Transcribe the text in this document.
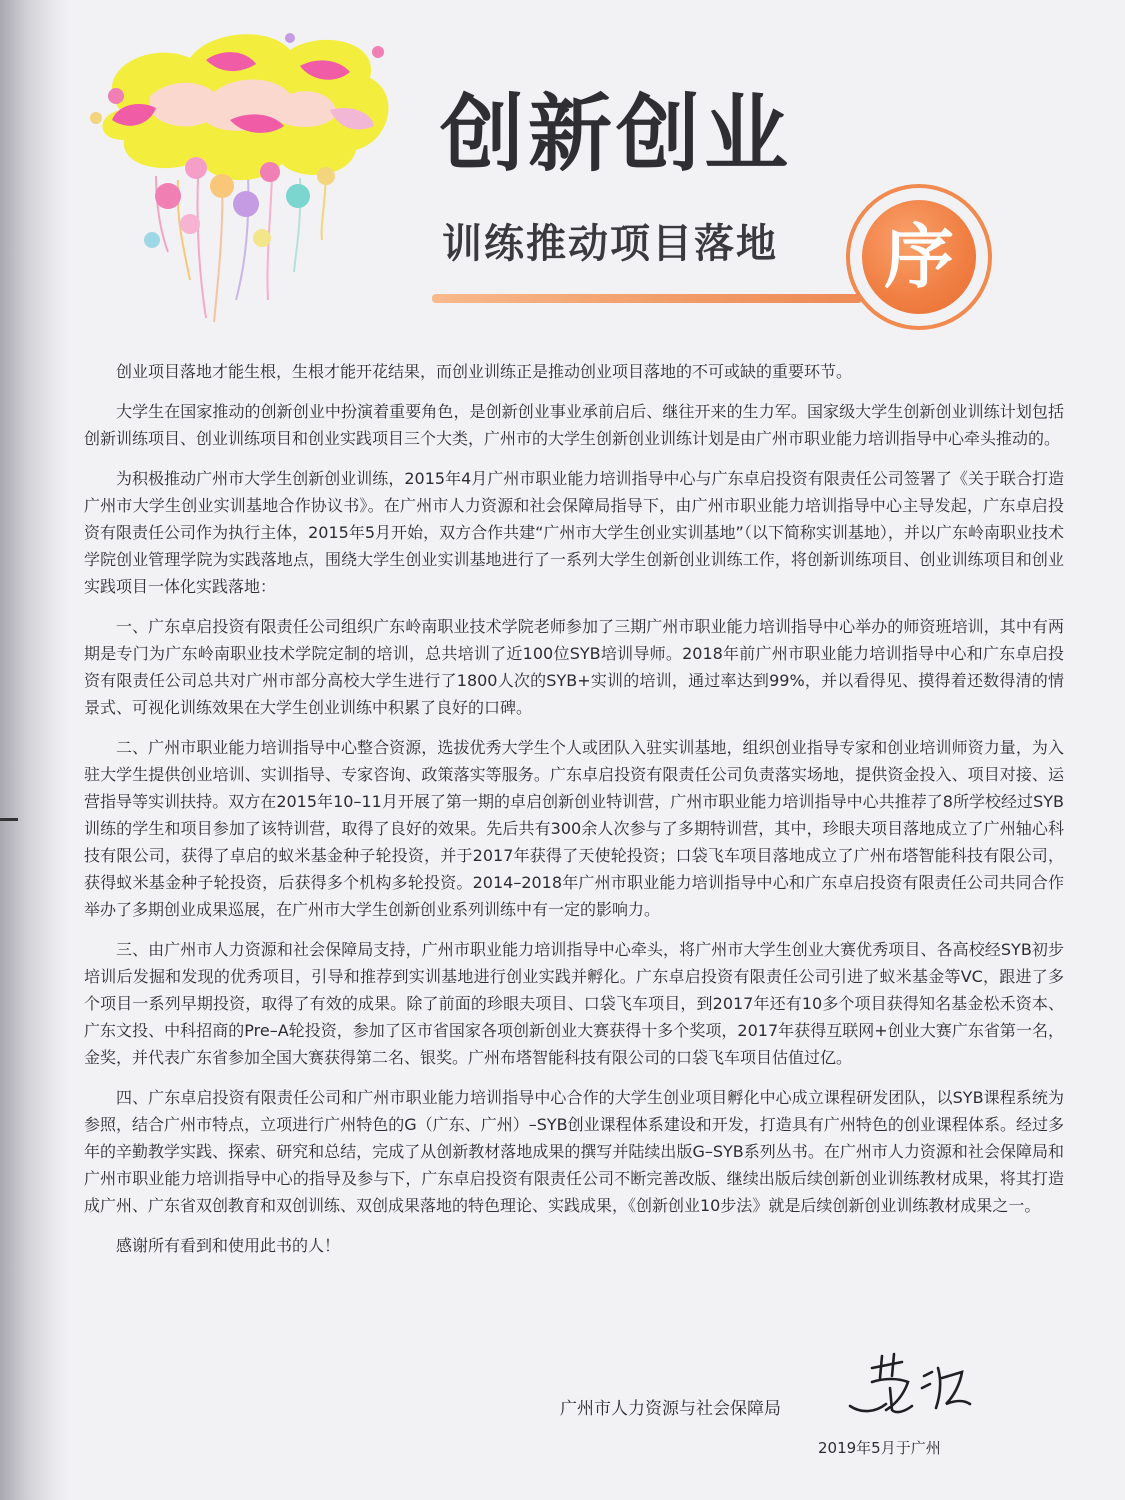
创新创业
训练推动项目落地	序

创业项目落地才能生根，生根才能开花结果，而创业训练正是推动创业项目落地的不可或缺的重要环节。

大学生在国家推动的创新创业中扮演着重要角色，是创新创业事业承前启后、继往开来的生力军。国家级大学生创新创业训练计划包括创新训练项目、创业训练项目和创业实践项目三个大类，广州市的大学生创新创业训练计划是由广州市职业能力培训指导中心牵头推动的。

为积极推动广州市大学生创新创业训练，2015年4月广州市职业能力培训指导中心与广东卓启投资有限责任公司签署了《关于联合打造广州市大学生创业实训基地合作协议书》。在广州市人力资源和社会保障局指导下，由广州市职业能力培训指导中心主导发起，广东卓启投资有限责任公司作为执行主体，2015年5月开始，双方合作共建“广州市大学生创业实训基地”（以下简称实训基地），并以广东岭南职业技术学院创业管理学院为实践落地点，围绕大学生创业实训基地进行了一系列大学生创新创业训练工作，将创新训练项目、创业训练项目和创业实践项目一体化实践落地：

一、广东卓启投资有限责任公司组织广东岭南职业技术学院老师参加了三期广州市职业能力培训指导中心举办的师资班培训，其中有两期是专门为广东岭南职业技术学院定制的培训，总共培训了近100位SYB培训导师。2018年前广州市职业能力培训指导中心和广东卓启投资有限责任公司总共对广州市部分高校大学生进行了1800人次的SYB+实训的培训，通过率达到99%，并以看得见、摸得着还数得清的情景式、可视化训练效果在大学生创业训练中积累了良好的口碑。

二、广州市职业能力培训指导中心整合资源，选拔优秀大学生个人或团队入驻实训基地，组织创业指导专家和创业培训师资力量，为入驻大学生提供创业培训、实训指导、专家咨询、政策落实等服务。广东卓启投资有限责任公司负责落实场地，提供资金投入、项目对接、运营指导等实训扶持。双方在2015年10–11月开展了第一期的卓启创新创业特训营，广州市职业能力培训指导中心共推荐了8所学校经过SYB训练的学生和项目参加了该特训营，取得了良好的效果。先后共有300余人次参与了多期特训营，其中，珍眼夫项目落地成立了广州轴心科技有限公司，获得了卓启的蚁米基金种子轮投资，并于2017年获得了天使轮投资；口袋飞车项目落地成立了广州布塔智能科技有限公司，获得蚁米基金种子轮投资，后获得多个机构多轮投资。2014–2018年广州市职业能力培训指导中心和广东卓启投资有限责任公司共同合作举办了多期创业成果巡展，在广州市大学生创新创业系列训练中有一定的影响力。

三、由广州市人力资源和社会保障局支持，广州市职业能力培训指导中心牵头，将广州市大学生创业大赛优秀项目、各高校经SYB初步培训后发掘和发现的优秀项目，引导和推荐到实训基地进行创业实践并孵化。广东卓启投资有限责任公司引进了蚁米基金等VC，跟进了多个项目一系列早期投资，取得了有效的成果。除了前面的珍眼夫项目、口袋飞车项目，到2017年还有10多个项目获得知名基金松禾资本、广东文投、中科招商的Pre–A轮投资，参加了区市省国家各项创新创业大赛获得十多个奖项，2017年获得互联网+创业大赛广东省第一名，金奖，并代表广东省参加全国大赛获得第二名、银奖。广州布塔智能科技有限公司的口袋飞车项目估值过亿。

四、广东卓启投资有限责任公司和广州市职业能力培训指导中心合作的大学生创业项目孵化中心成立课程研发团队，以SYB课程系统为参照，结合广州市特点，立项进行广州特色的G（广东、广州）–SYB创业课程体系建设和开发，打造具有广州特色的创业课程体系。经过多年的辛勤教学实践、探索、研究和总结，完成了从创新教材落地成果的撰写并陆续出版G–SYB系列丛书。在广州市人力资源和社会保障局和广州市职业能力培训指导中心的指导及参与下，广东卓启投资有限责任公司不断完善改版、继续出版后续创新创业训练教材成果，将其打造成广州、广东省双创教育和双创训练、双创成果落地的特色理论、实践成果，《创新创业10步法》就是后续创新创业训练教材成果之一。

感谢所有看到和使用此书的人！

广州市人力资源与社会保障局
2019年5月于广州
